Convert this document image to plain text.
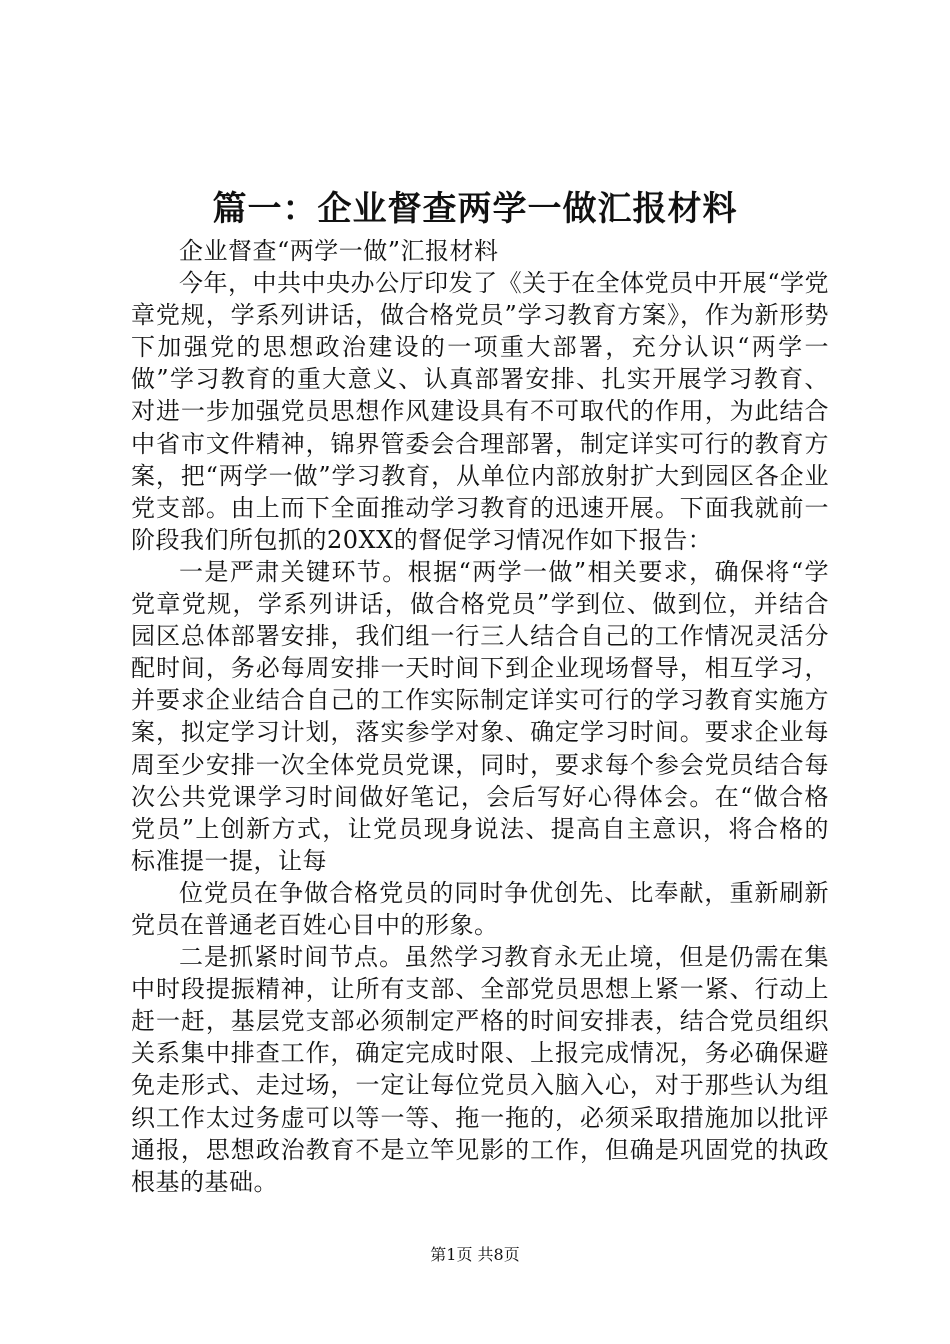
篇一：企业督查两学一做汇报材料

企业督查“两学一做”汇报材料

今年，中共中央办公厅印发了《关于在全体党员中开展“学党章党规，学系列讲话，做合格党员”学习教育方案》，作为新形势下加强党的思想政治建设的一项重大部署，充分认识“两学一做”学习教育的重大意义、认真部署安排、扎实开展学习教育、对进一步加强党员思想作风建设具有不可取代的作用，为此结合中省市文件精神，锦界管委会合理部署，制定详实可行的教育方案，把“两学一做”学习教育，从单位内部放射扩大到园区各企业党支部。由上而下全面推动学习教育的迅速开展。下面我就前一阶段我们所包抓的20XX的督促学习情况作如下报告：

一是严肃关键环节。根据“两学一做”相关要求，确保将“学党章党规，学系列讲话，做合格党员”学到位、做到位，并结合园区总体部署安排，我们组一行三人结合自己的工作情况灵活分配时间，务必每周安排一天时间下到企业现场督导，相互学习，并要求企业结合自己的工作实际制定详实可行的学习教育实施方案，拟定学习计划，落实参学对象、确定学习时间。要求企业每周至少安排一次全体党员党课，同时，要求每个参会党员结合每次公共党课学习时间做好笔记，会后写好心得体会。在“做合格党员”上创新方式，让党员现身说法、提高自主意识，将合格的标准提一提，让每

位党员在争做合格党员的同时争优创先、比奉献，重新刷新党员在普通老百姓心目中的形象。

二是抓紧时间节点。虽然学习教育永无止境，但是仍需在集中时段提振精神，让所有支部、全部党员思想上紧一紧、行动上赶一赶，基层党支部必须制定严格的时间安排表，结合党员组织关系集中排查工作，确定完成时限、上报完成情况，务必确保避免走形式、走过场，一定让每位党员入脑入心，对于那些认为组织工作太过务虚可以等一等、拖一拖的，必须采取措施加以批评通报，思想政治教育不是立竿见影的工作，但确是巩固党的执政根基的基础。

第1页 共8页
